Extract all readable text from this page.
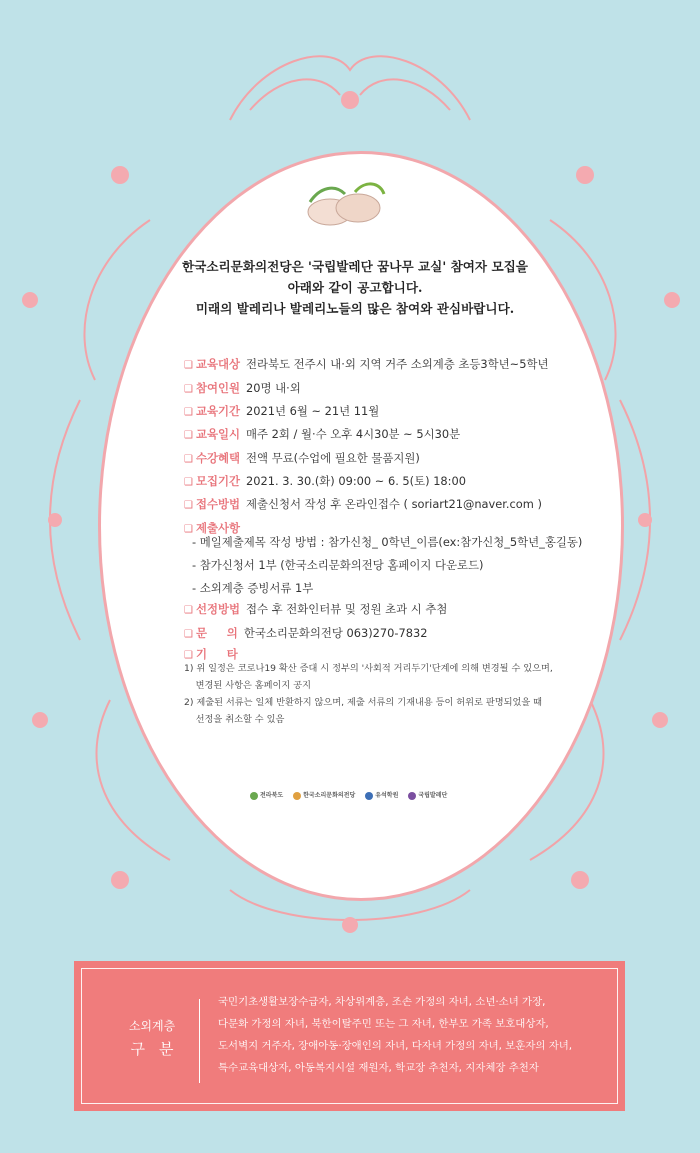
한국소리문화의전당은 '국립발레단 꿈나무 교실' 참여자 모집을
아래와 같이 공고합니다.
미래의 발레리나 발레리노들의 많은 참여와 관심바랍니다.
❑ 교육대상 전라북도 전주시 내·외 지역 거주 소외계층 초등3학년~5학년
❑ 참여인원 20명 내·외
❑ 교육기간 2021년 6월 ~ 21년 11월
❑ 교육일시 매주 2회 / 월·수 오후 4시30분 ~ 5시30분
❑ 수강혜택 전액 무료(수업에 필요한 물품지원)
❑ 모집기간 2021. 3. 30.(화) 09:00 ~ 6. 5(토) 18:00
❑ 접수방법 제출신청서 작성 후 온라인접수 ( soriart21@naver.com )
❑ 제출사항
- 메일제출제목 작성 방법 : 참가신청_ 0학년_이름(ex:참가신청_5학년_홍길동)
- 참가신청서 1부 (한국소리문화의전당 홈페이지 다운로드)
- 소외계층 증빙서류 1부
❑ 선정방법 접수 후 전화인터뷰 및 정원 초과 시 추첨
❑ 문     의 한국소리문화의전당 063)270-7832
❑ 기     타
1) 위 일정은 코로나19 확산 증대 시 정부의 '사회적 거리두기'단계에 의해 변경될 수 있으며,
변경된 사항은 홈페이지 공지
2) 제출된 서류는 일체 반환하지 않으며, 제출 서류의 기재내용 등이 허위로 판명되었을 때
선정을 취소할 수 있음
전라북도	한국소리문화의전당	유석학원	국립발레단
소외계층
구분
국민기초생활보장수급자, 차상위계층, 조손 가정의 자녀, 소년·소녀 가장,
다문화 가정의 자녀, 북한이탈주민 또는 그 자녀, 한부모 가족 보호대상자,
도서벽지 거주자, 장애아동·장애인의 자녀, 다자녀 가정의 자녀, 보훈자의 자녀,
특수교육대상자, 아동복지시설 재원자, 학교장 추천자, 지자체장 추천자
